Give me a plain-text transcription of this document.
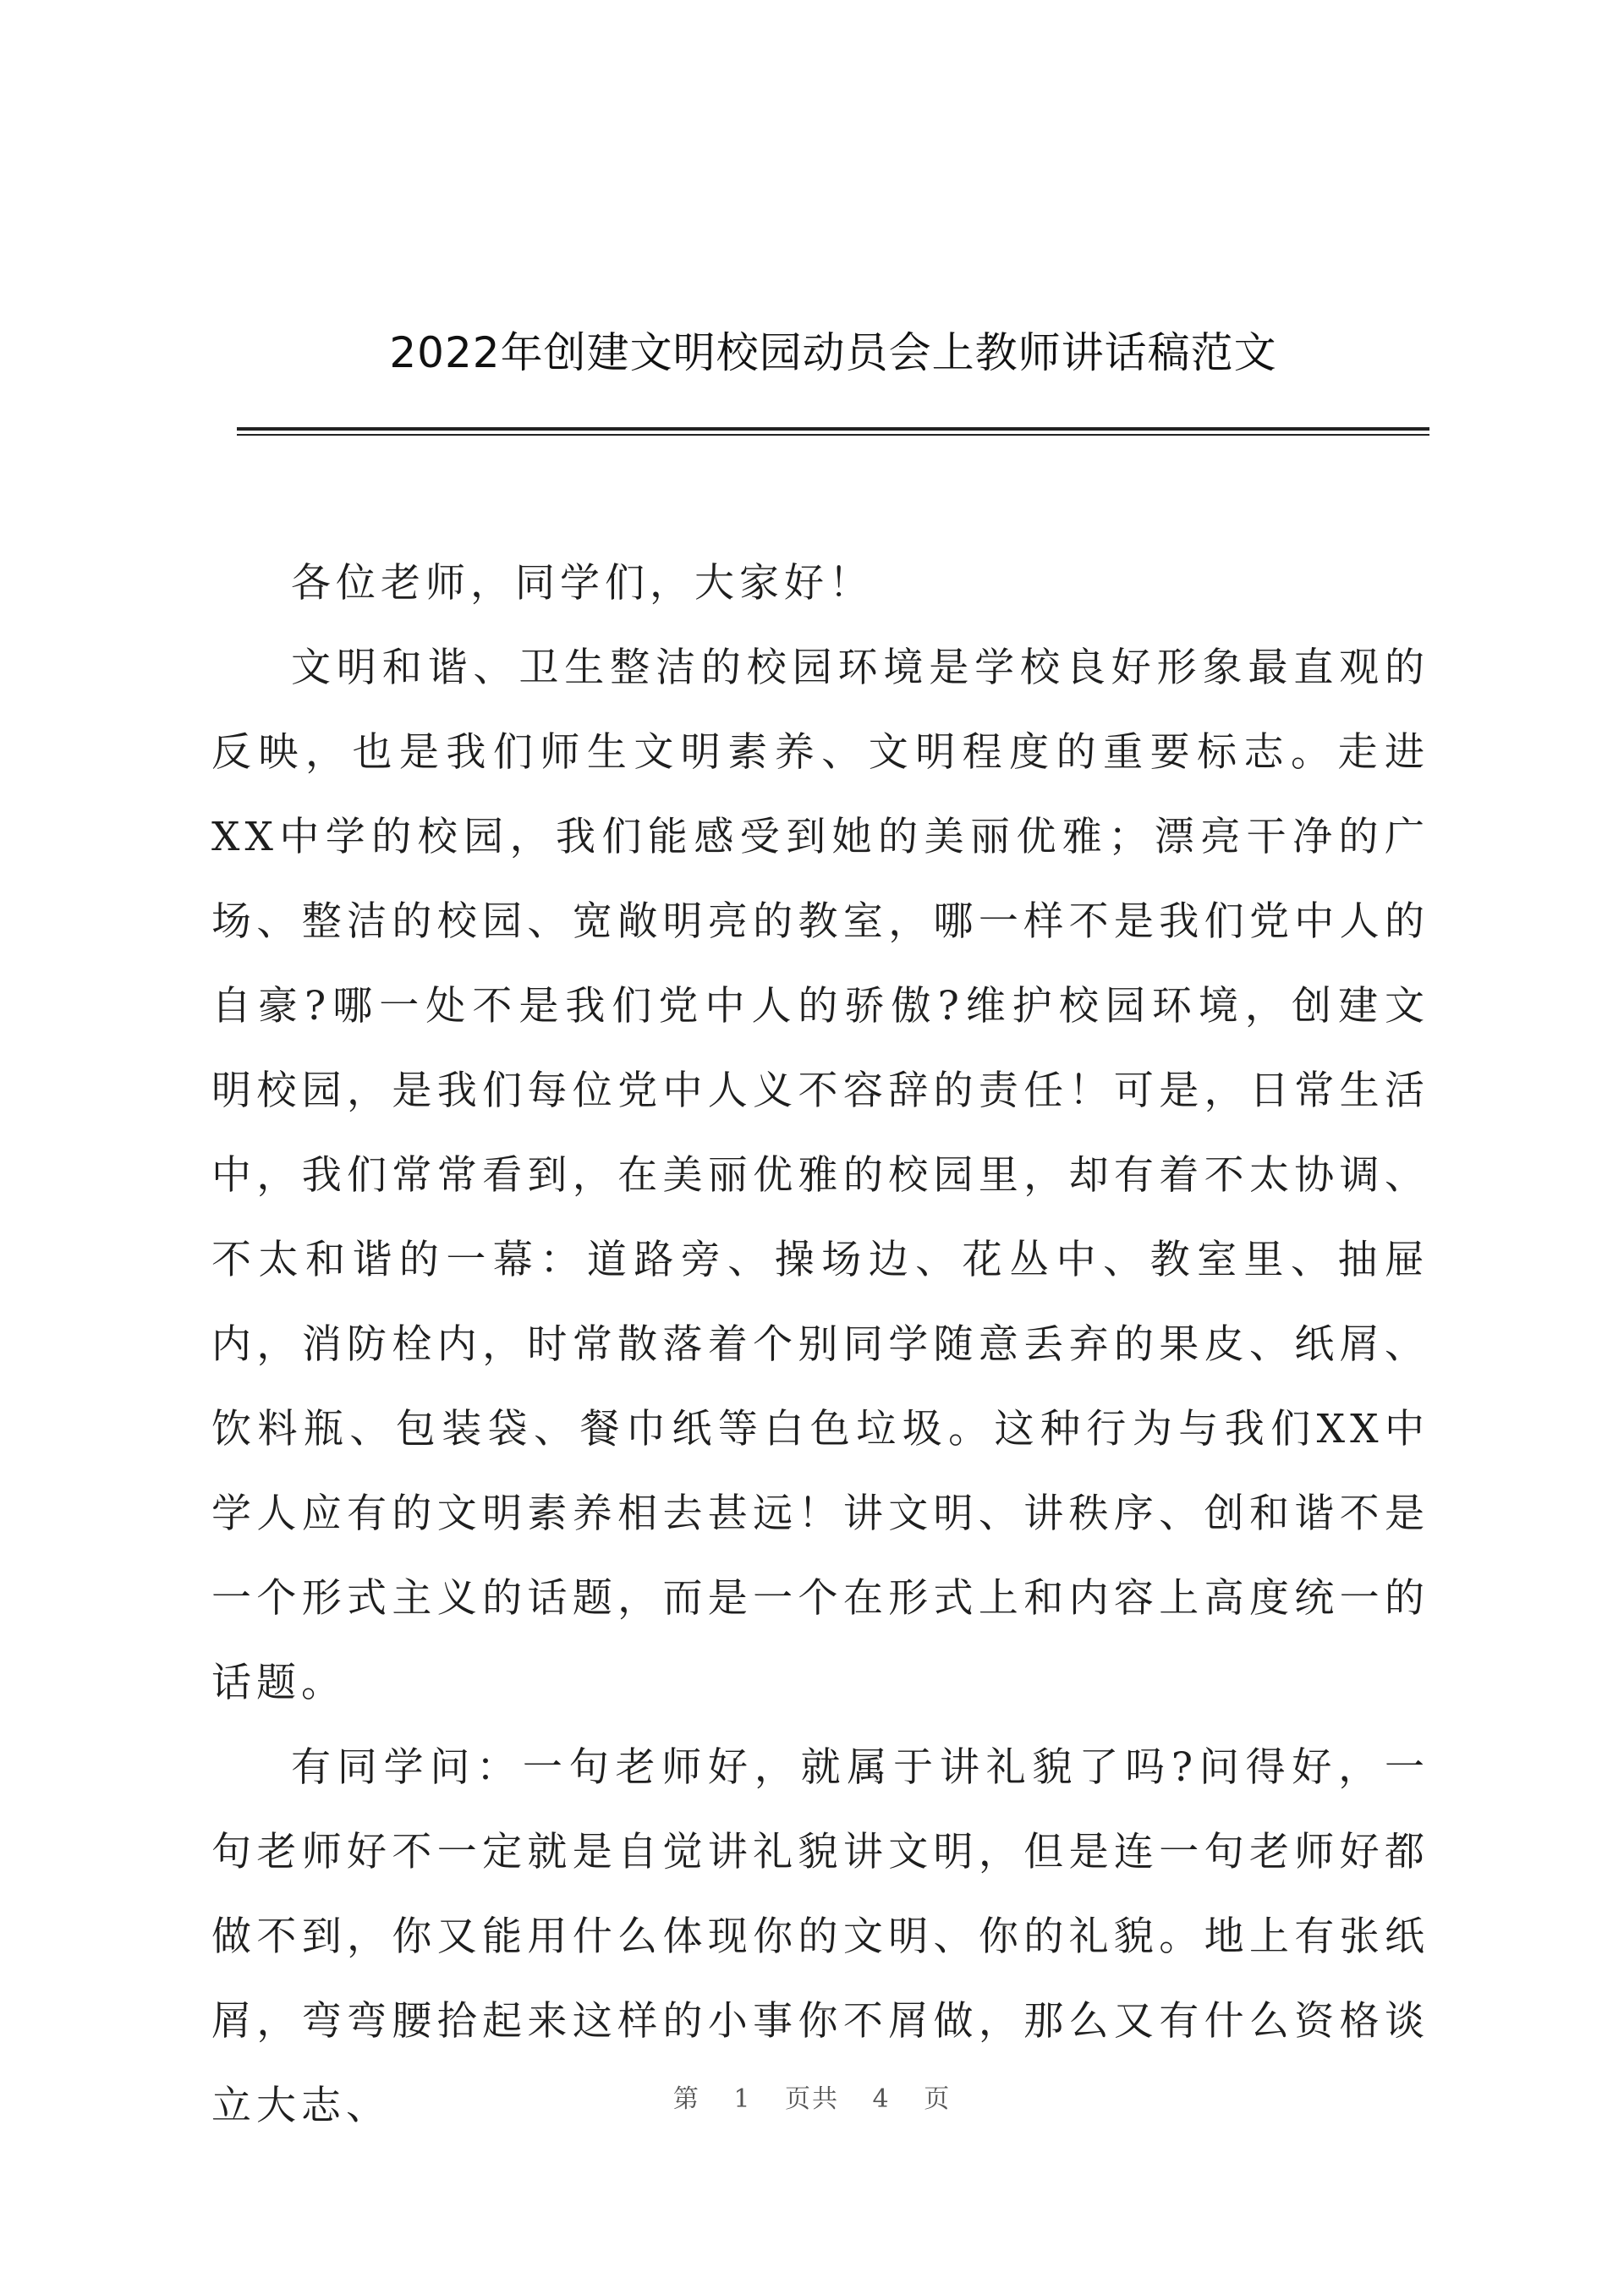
2022年创建文明校园动员会上教师讲话稿范文

各位老师，同学们，大家好！

文明和谐、卫生整洁的校园环境是学校良好形象最直观的反映，也是我们师生文明素养、文明程度的重要标志。走进XX中学的校园，我们能感受到她的美丽优雅；漂亮干净的广场、整洁的校园、宽敞明亮的教室，哪一样不是我们党中人的自豪?哪一处不是我们党中人的骄傲?维护校园环境，创建文明校园，是我们每位党中人义不容辞的责任！可是，日常生活中，我们常常看到，在美丽优雅的校园里，却有着不太协调、不太和谐的一幕：道路旁、操场边、花丛中、教室里、抽屉内，消防栓内，时常散落着个别同学随意丢弃的果皮、纸屑、饮料瓶、包装袋、餐巾纸等白色垃圾。这种行为与我们XX中学人应有的文明素养相去甚远！讲文明、讲秩序、创和谐不是一个形式主义的话题，而是一个在形式上和内容上高度统一的话题。

有同学问：一句老师好，就属于讲礼貌了吗?问得好，一句老师好不一定就是自觉讲礼貌讲文明，但是连一句老师好都做不到，你又能用什么体现你的文明、你的礼貌。地上有张纸屑，弯弯腰拾起来这样的小事你不屑做，那么又有什么资格谈立大志、	第 1 页共 4 页
